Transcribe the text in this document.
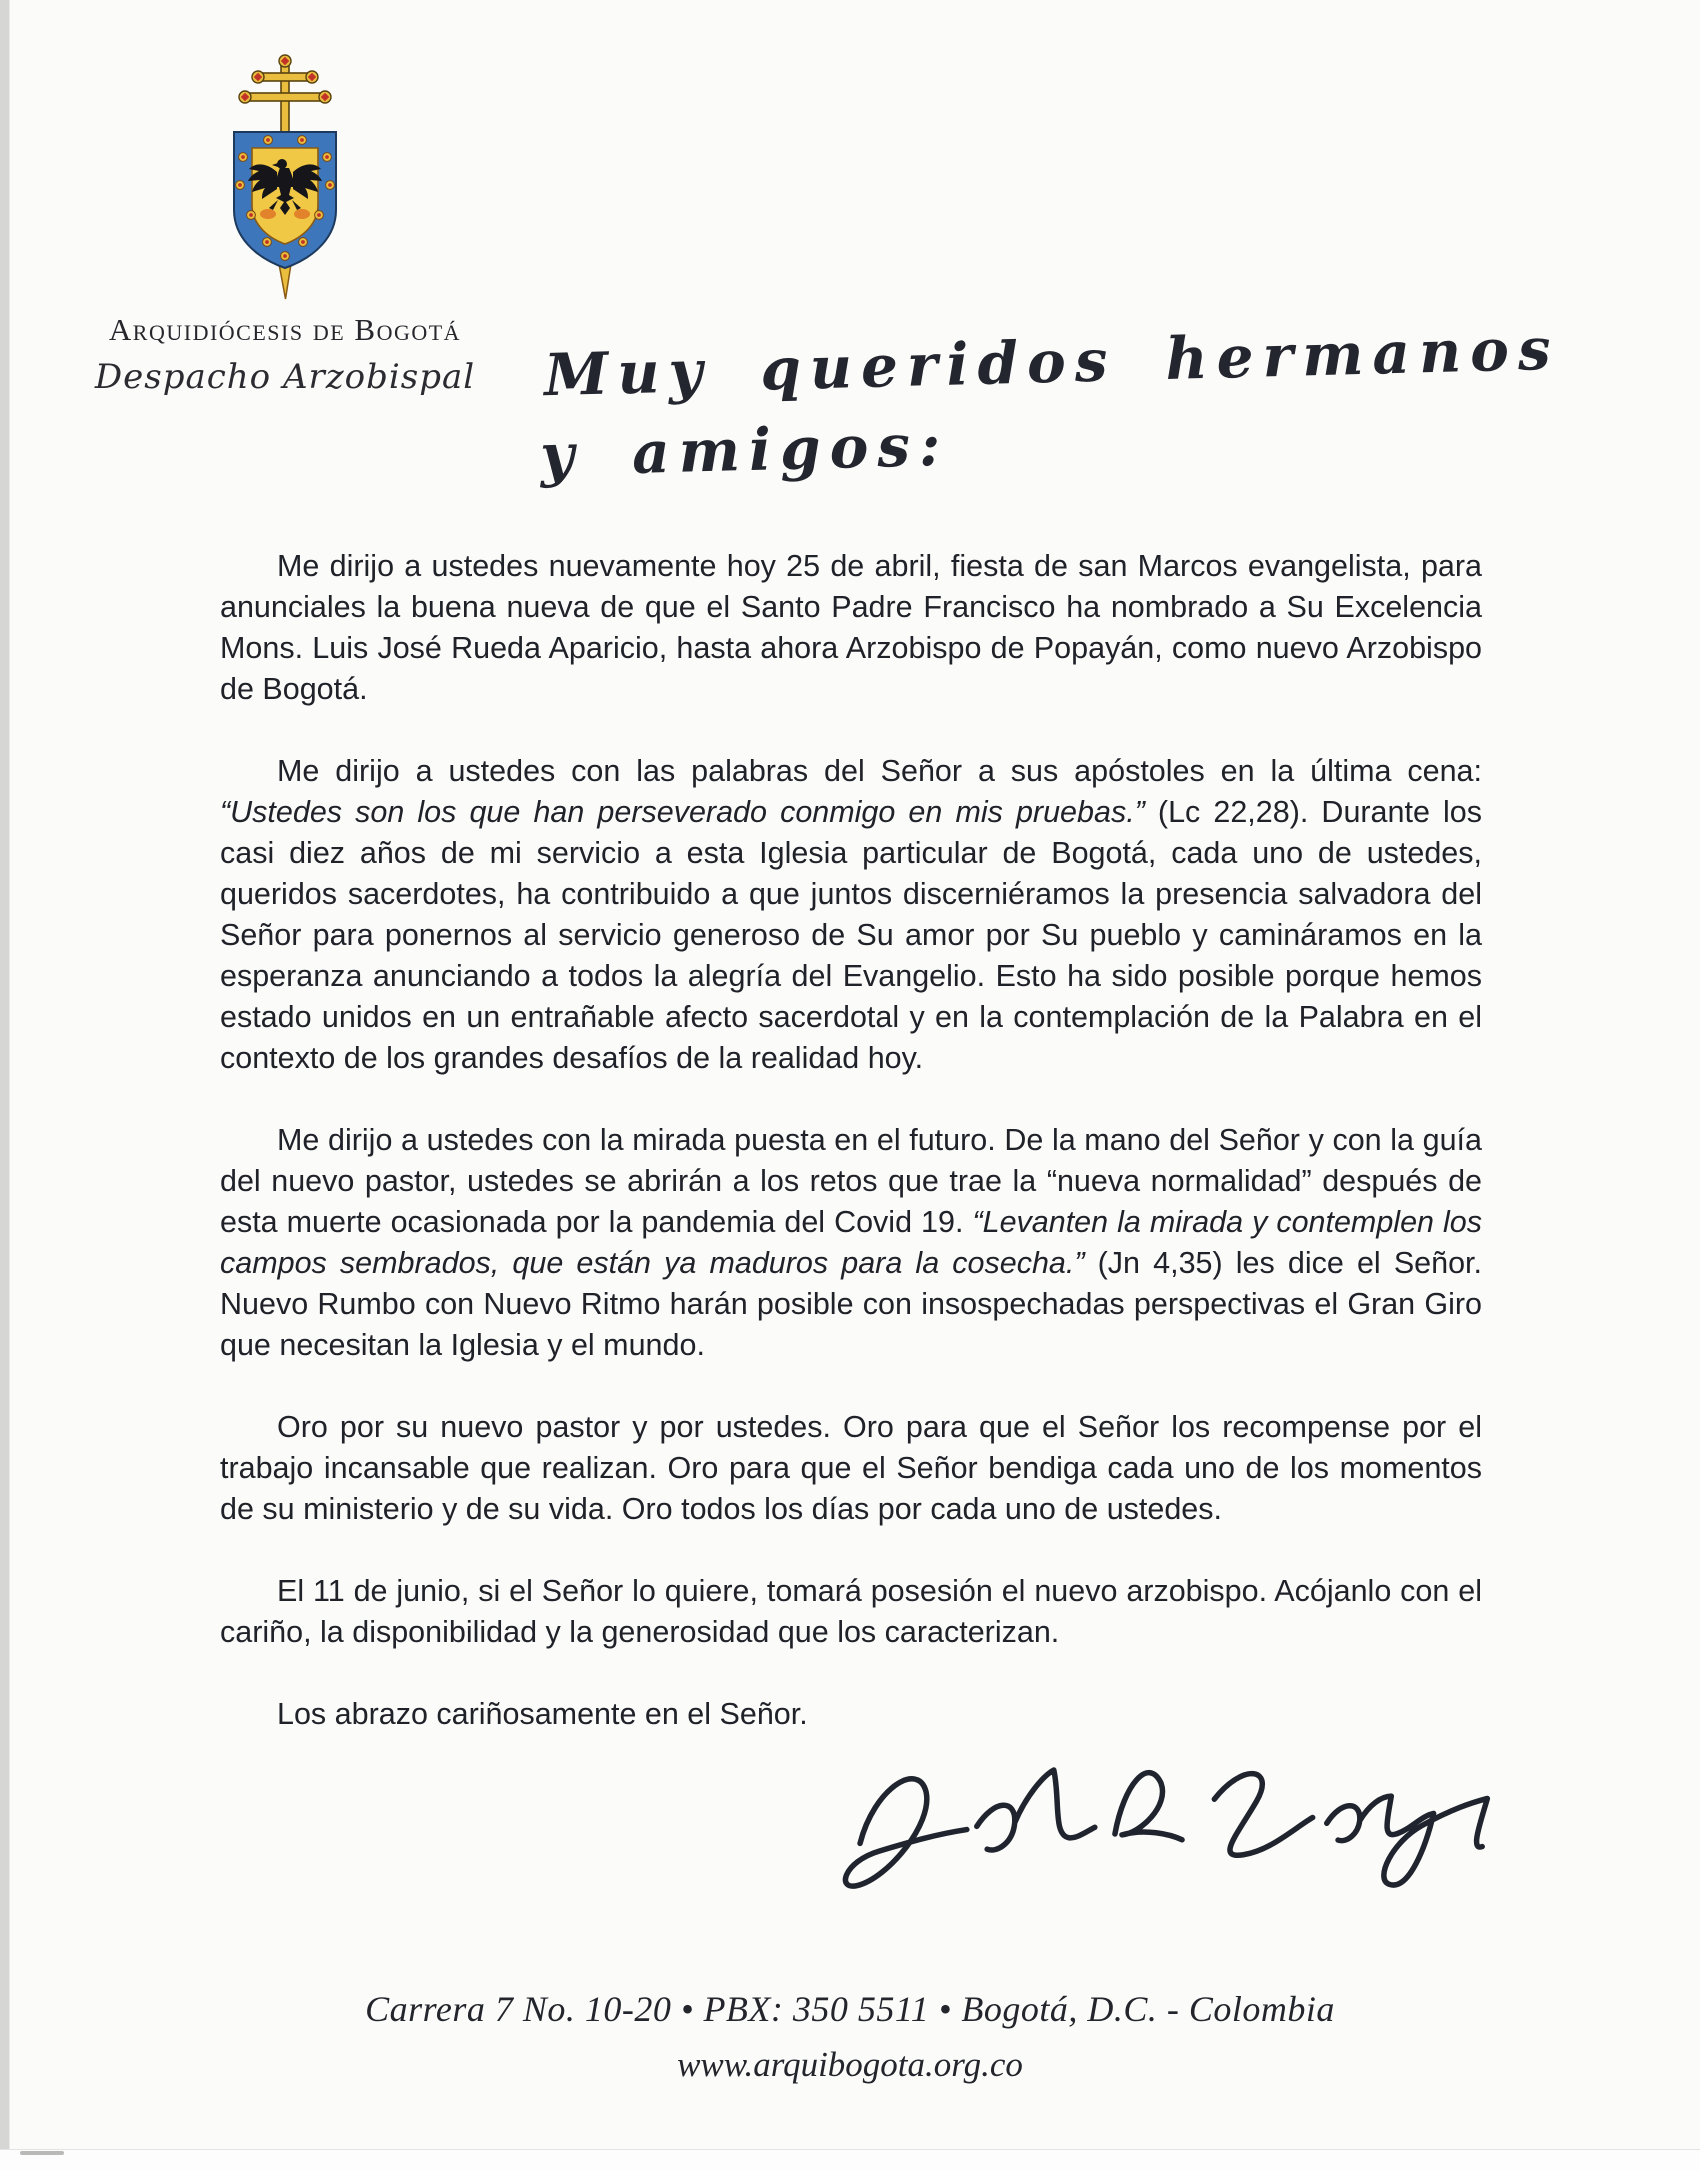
Arquidiócesis de Bogotá
Despacho Arzobispal	Muy queridos hermanos
y amigos:

Me dirijo a ustedes nuevamente hoy 25 de abril, fiesta de san Marcos evangelista, para anunciales la buena nueva de que el Santo Padre Francisco ha nombrado a Su Excelencia Mons. Luis José Rueda Aparicio, hasta ahora Arzobispo de Popayán, como nuevo Arzobispo de Bogotá.

Me dirijo a ustedes con las palabras del Señor a sus apóstoles en la última cena: “Ustedes son los que han perseverado conmigo en mis pruebas.” (Lc 22,28). Durante los casi diez años de mi servicio a esta Iglesia particular de Bogotá, cada uno de ustedes, queridos sacerdotes, ha contribuido a que juntos discerniéramos la presencia salvadora del Señor para ponernos al servicio generoso de Su amor por Su pueblo y camináramos en la esperanza anunciando a todos la alegría del Evangelio. Esto ha sido posible porque hemos estado unidos en un entrañable afecto sacerdotal y en la contemplación de la Palabra en el contexto de los grandes desafíos de la realidad hoy.

Me dirijo a ustedes con la mirada puesta en el futuro. De la mano del Señor y con la guía del nuevo pastor, ustedes se abrirán a los retos que trae la “nueva normalidad” después de esta muerte ocasionada por la pandemia del Covid 19. “Levanten la mirada y contemplen los campos sembrados, que están ya maduros para la cosecha.” (Jn 4,35) les dice el Señor. Nuevo Rumbo con Nuevo Ritmo harán posible con insospechadas perspectivas el Gran Giro que necesitan la Iglesia y el mundo.

Oro por su nuevo pastor y por ustedes. Oro para que el Señor los recompense por el trabajo incansable que realizan. Oro para que el Señor bendiga cada uno de los momentos de su ministerio y de su vida. Oro todos los días por cada uno de ustedes.

El 11 de junio, si el Señor lo quiere, tomará posesión el nuevo arzobispo. Acójanlo con el cariño, la disponibilidad y la generosidad que los caracterizan.

Los abrazo cariñosamente en el Señor.

Carrera 7 No. 10-20 • PBX: 350 5511 • Bogotá, D.C. - Colombia
www.arquibogota.org.co
